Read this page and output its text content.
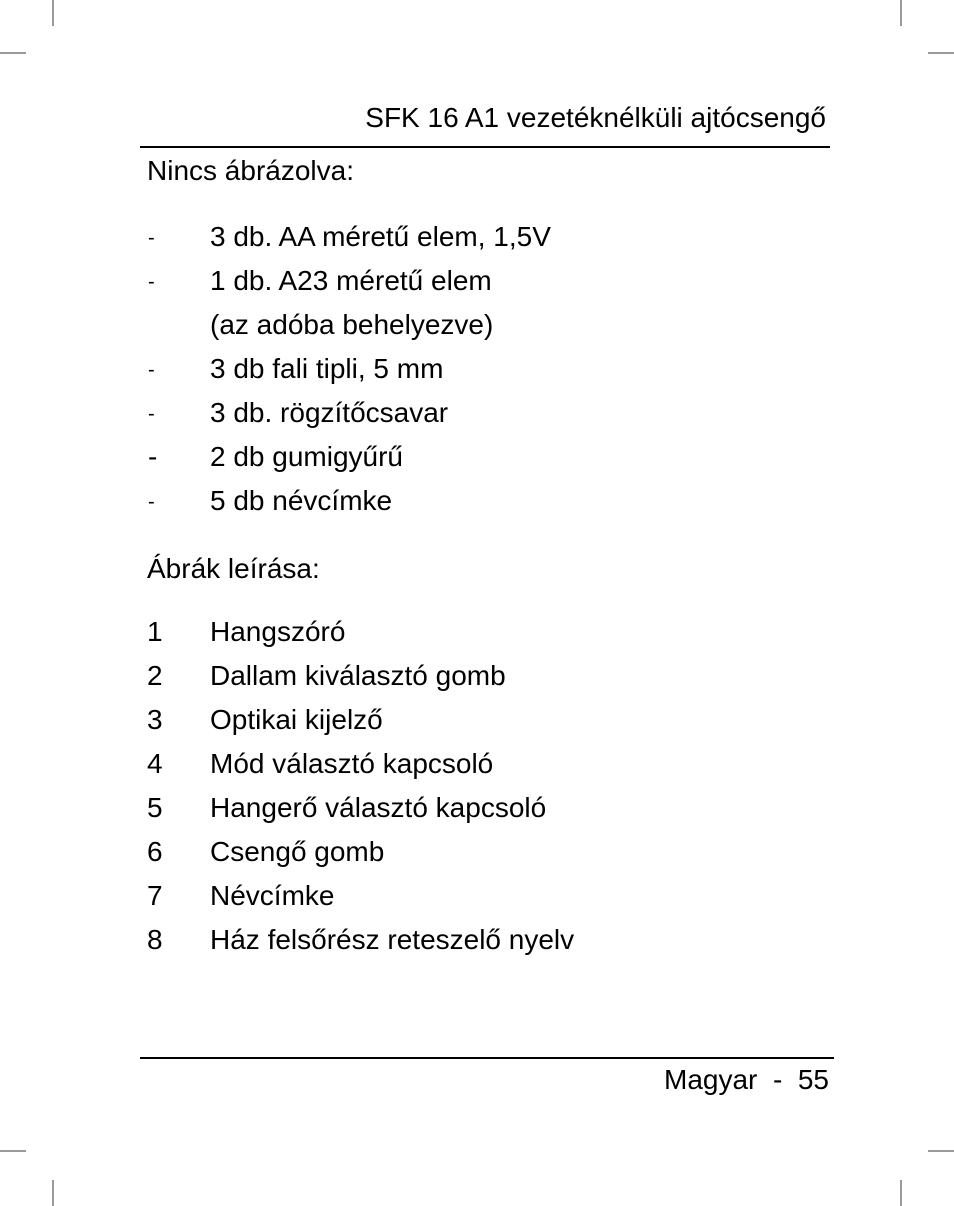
SFK 16 A1 vezetéknélküli ajtócsengő
Nincs ábrázolva:
-	3 db. AA méretű elem, 1,5V
-	1 db. A23 méretű elem
(az adóba behelyezve)
-	3 db fali tipli, 5 mm
-	3 db. rögzítőcsavar
-	2 db gumigyűrű
-	5 db névcímke
Ábrák leírása:
1	Hangszóró
2	Dallam kiválasztó gomb
3	Optikai kijelző
4	Mód választó kapcsoló
5	Hangerő választó kapcsoló
6	Csengő gomb
7	Névcímke
8	Ház felsőrész reteszelő nyelv
Magyar - 55
